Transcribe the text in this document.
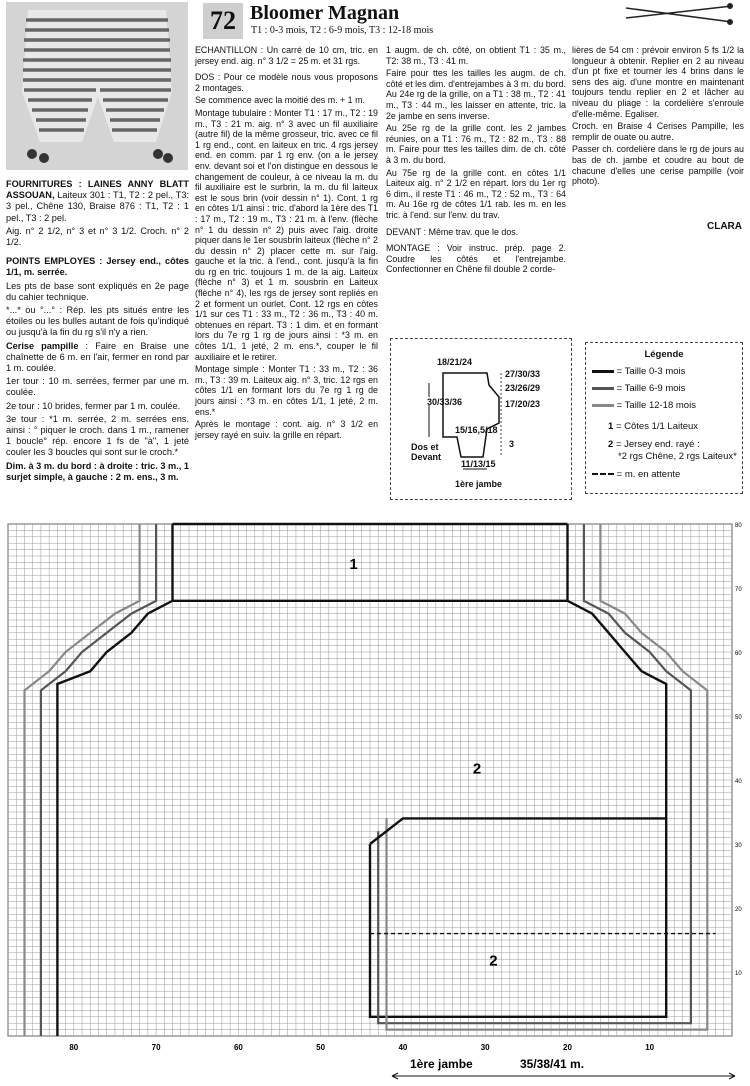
72 Bloomer Magnan
T1 : 0-3 mois, T2 : 6-9 mois, T3 : 12-18 mois

FOURNITURES : LAINES ANNY BLATT ASSOUAN, Laiteux 301 : T1, T2 : 2 pel., T3: 3 pel., Chêne 130, Braise 876 : T1, T2 : 1 pel., T3 : 2 pel.

Aig. n° 2 1/2, n° 3 et n° 3 1/2. Croch. n° 2 1/2.

POINTS EMPLOYES : Jersey end., côtes 1/1, m. serrée.

Les pts de base sont expliqués en 2e page du cahier technique.

*...* ou °...° : Rép. les pts situés entre les étoiles ou les bulles autant de fois qu'indiqué ou jusqu'à la fin du rg s'il n'y a rien.

Cerise pampille : Faire en Braise une chaînette de 6 m. en l'air, fermer en rond par 1 m. coulée.

1er tour : 10 m. serrées, fermer par une m. coulée.

2e tour : 10 brides, fermer par 1 m. coulée.

3e tour : *1 m. serrée, 2 m. serrées ens. ainsi : ° piquer le croch. dans 1 m., ramener 1 boucle° rép. encore 1 fs de "à", 1 jeté couler les 3 boucles qui sont sur le croch.*

Dim. à 3 m. du bord : à droite : tric. 3 m., 1 surjet simple, à gauche : 2 m. ens., 3 m.

ECHANTILLON : Un carré de 10 cm, tric. en jersey end. aig. n° 3 1/2 = 25 m. et 31 rgs.

DOS : Pour ce modèle nous vous proposons 2 montages.

Se commence avec la moitié des m. + 1 m.

Montage tubulaire : Monter T1 : 17 m., T2 : 19 m., T3 : 21 m. aig. n° 3 avec un fil auxiliaire (autre fil) de la même grosseur, tric. avec ce fil 1 rg end., cont. en laiteux en tric. 4 rgs jersey end. en comm. par 1 rg env. (on a le jersey env. devant soi et l'on distingue en dessous le changement de couleur, à ce niveau la m. du fil auxiliaire est le surbrin, la m. du fil laiteux est le sous brin (voir dessin n° 1). Cont. 1 rg en côtes 1/1 ainsi : tric. d'abord la 1ère des T1 : 17 m., T2 : 19 m., T3 : 21 m. à l'env. (flèche n° 1 du dessin n° 2) puis avec l'aig. droite piquer dans le 1er sousbrin laiteux (flèche n° 2 du dessin n° 2) placer cette m. sur l'aig. gauche et la tric. à l'end., cont. jusqu'à la fin du rg en tric. toujours 1 m. de la aig. Laiteux (flèche n° 3) et 1 m. sousbrin en Laiteux (flèche n° 4), les rgs de jersey sont repliés en 2 et forment un ourlet. Cont. 12 rgs en côtes 1/1 sur ces T1 : 33 m., T2 : 36 m., T3 : 40 m. obtenues en répart. T3 : 1 dim. et en formant lors du 7e rg 1 rg de jours ainsi : *3 m. en côtes 1/1, 1 jeté, 2 m. ens.*, couper le fil auxiliaire et le retirer.

Montage simple : Monter T1 : 33 m., T2 : 36 m., T3 : 39 m. Laiteux aig. n° 3, tric. 12 rgs en côtes 1/1 en formant lors du 7e rg 1 rg de jours ainsi : *3 m. en côtes 1/1, 1 jeté, 2 m. ens.*

Après le montage : cont. aig. n° 3 1/2 en jersey rayé en suiv. la grille en répart.

1 augm. de ch. côté, on obtient T1 : 35 m., T2: 38 m., T3 : 41 m.

Faire pour ttes les tailles les augm. de ch. côté et les dim. d'entrejambes à 3 m. du bord. Au 24e rg de la grille, on a T1 : 38 m., T2 : 41 m., T3 : 44 m., les laisser en attente, tric. la 2e jambe en sens inverse.

Au 25e rg de la grille cont. les 2 jambes réunies, on a T1 : 76 m., T2 : 82 m., T3 : 88 m. Faire pour ttes les tailles dim. de ch. côté à 3 m. du bord.

Au 75e rg de la grille cont. en côtes 1/1 Laiteux aig. n° 2 1/2 en répart. lors du 1er rg 6 dim., il reste T1 : 46 m., T2 : 52 m., T3 : 64 m. Au 16e rg de côtes 1/1 rab. les m. en les tric. à l'end. sur l'env. du trav.

DEVANT : Même trav. que le dos.

MONTAGE : Voir instruc. prép. page 2. Coudre les côtés et l'entrejambe. Confectionner en Chêne fil double 2 corde-

lières de 54 cm : prévoir environ 5 fs 1/2 la longueur à obtenir. Replier en 2 au niveau d'un pt fixe et tourner les 4 brins dans le sens des aig. d'une montre en maintenant toujours tendu replier en 2 et lâcher au niveau du pliage : la cordelière s'enroule d'elle-même. Egaliser.

Croch. en Braise 4 Cerises Pampille, les remplir de ouate ou autre.

Passer ch. cordelière dans le rg de jours au bas de ch. jambe et coudre au bout de chacune d'elles une cerise pampille (voir photo).

CLARA
18/21/24
30/33/36
15/16,5/18
11/13/15
27/30/33
23/26/29
17/20/23
3
Dos et Devant
1ère jambe
Légende
= Taille 0-3 mois
= Taille 6-9 mois
= Taille 12-18 mois
1 = Côtes 1/1 Laiteux
2 = Jersey end. rayé :
*2 rgs Chêne, 2 rgs Laiteux*
= m. en attente
1
2
2
80	70	60	50	40	30	20	10
80
70
60
50
40
30
20
10
1ère jambe	35/38/41 m.
